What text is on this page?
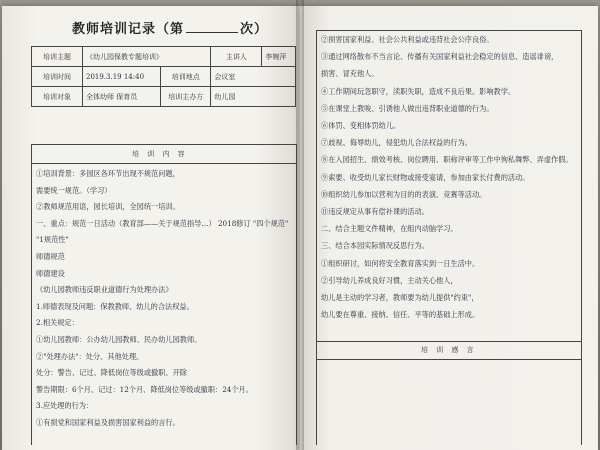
教师培训记录（第	次）
培训主题	《幼儿园保教专题培训》		主讲人	李婉萍
培训时间	2019.3.19 14:40	培训地点	会议室	
培训对象	全体幼师 保育员	培训主办方	幼儿园	
培 训 内 容
①培训背景：多园区各环节出现不规范问题，
需要统一规范。（学习）
②教师规范用语，园长培训，全园统一培训。
一、重点：规范一日活动（教育部——关于规范指导…） 2018修订 "四个规范"
"1规范性"
师德规范
师德建设
《幼儿园教师违反职业道德行为处理办法》
1.师德表现及问题：保教教师、幼儿的合法权益。
2.相关规定：
①幼儿园教师：公办幼儿园教师、民办幼儿园教师。
②"处理办法"：处分、其他处理。
处分：警告、记过、降低岗位等级或撤职、开除
警告期限：6个月、记过：12个月、降低岗位等级或撤职：24个月。
3.应处理的行为：
①有损党和国家利益及损害国家利益的言行。
②损害国家利益、社会公共利益或违背社会公序良俗。
③通过网络散布不当言论、传播有关国家利益社会稳定的信息、造谣诽谤，
损害、冒充他人。
④工作期间玩忽职守，渎职失职，造成不良后果。影响教学。
⑤在课堂上教唆、引诱他人做出违背职业道德的行为。
⑥体罚、变相体罚幼儿。
⑦歧视、侮辱幼儿，侵犯幼儿合法权益的行为。
⑧在入园招生、绩效考核、岗位聘用、职称评审等工作中徇私舞弊、弄虚作假。
⑨索要、收受幼儿家长财物或接受宴请，参加由家长付费的活动。
⑩组织幼儿参加以营利为目的的表演、竞赛等活动。
⑪违反规定从事有偿补课的活动。
二、结合主题文件精神，在组内动脑学习。
三、结合本园实际情况反思行为。
①组织研讨，如何将安全教育落实到一日生活中。
②引导幼儿养成良好习惯，主动关心他人，
幼儿是主动的学习者，教师要为幼儿提供"约束"，
幼儿要在尊重、接纳、信任、平等的基础上形成。
培 训 感 言
